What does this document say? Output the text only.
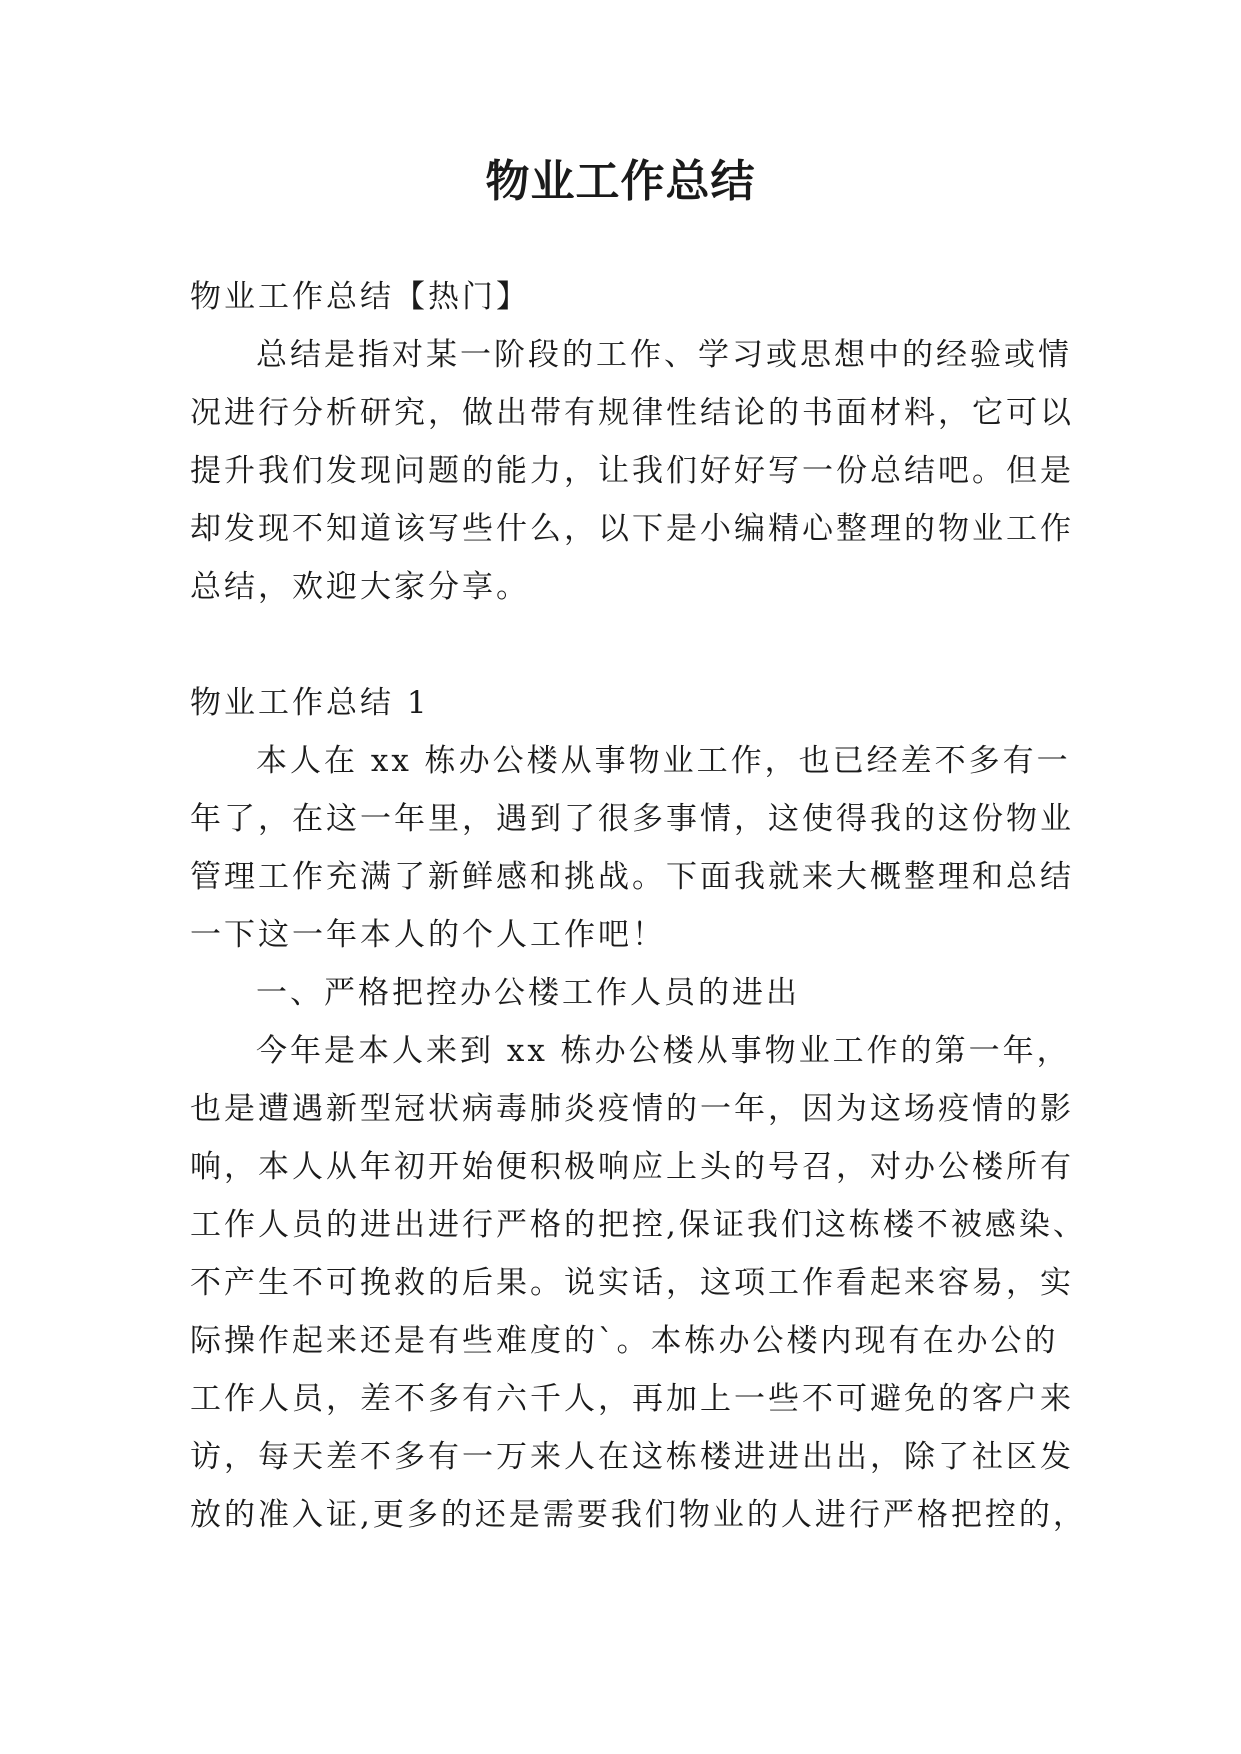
物业工作总结
物业工作总结【热门】
总结是指对某一阶段的工作、学习或思想中的经验或情
况进行分析研究，做出带有规律性结论的书面材料，它可以
提升我们发现问题的能力，让我们好好写一份总结吧。但是
却发现不知道该写些什么，以下是小编精心整理的物业工作
总结，欢迎大家分享。
物业工作总结 1
本人在 xx 栋办公楼从事物业工作，也已经差不多有一
年了，在这一年里，遇到了很多事情，这使得我的这份物业
管理工作充满了新鲜感和挑战。下面我就来大概整理和总结
一下这一年本人的个人工作吧！
一、严格把控办公楼工作人员的进出
今年是本人来到 xx 栋办公楼从事物业工作的第一年，
也是遭遇新型冠状病毒肺炎疫情的一年，因为这场疫情的影
响，本人从年初开始便积极响应上头的号召，对办公楼所有
工作人员的进出进行严格的把控,保证我们这栋楼不被感染、
不产生不可挽救的后果。说实话，这项工作看起来容易，实
际操作起来还是有些难度的`。本栋办公楼内现有在办公的
工作人员，差不多有六千人，再加上一些不可避免的客户来
访，每天差不多有一万来人在这栋楼进进出出，除了社区发
放的准入证,更多的还是需要我们物业的人进行严格把控的，
